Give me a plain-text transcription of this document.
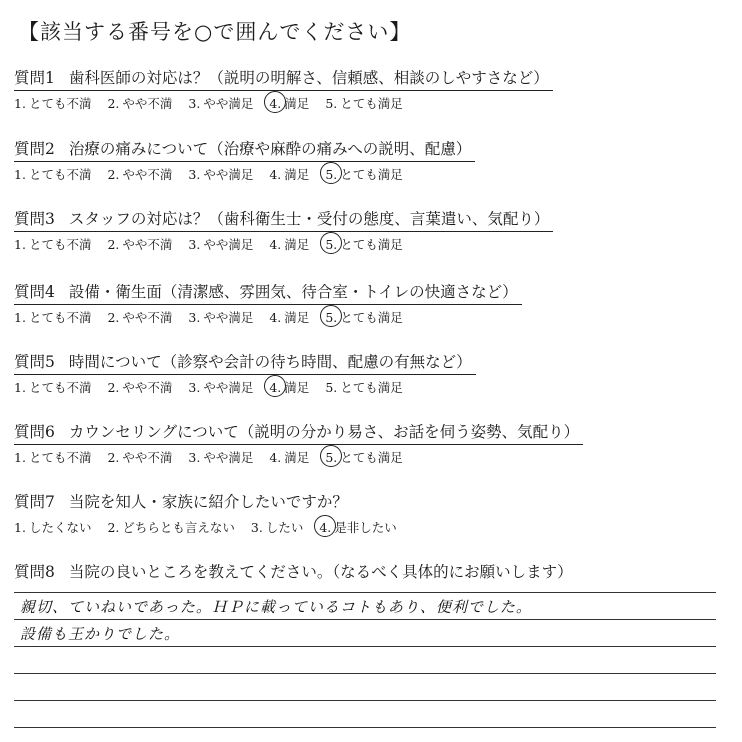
【該当する番号を○で囲んでください】
質問1 歯科医師の対応は？（説明の明解さ、信頼感、相談のしやすさなど）
1. とても不満 2. やや不満 3. やや満足 4. 満足 5. とても満足
質問2 治療の痛みについて（治療や麻酔の痛みへの説明、配慮）
1. とても不満 2. やや不満 3. やや満足 4. 満足 5. とても満足
質問3 スタッフの対応は？（歯科衛生士・受付の態度、言葉遣い、気配り）
1. とても不満 2. やや不満 3. やや満足 4. 満足 5. とても満足
質問4 設備・衛生面（清潔感、雰囲気、待合室・トイレの快適さなど）
1. とても不満 2. やや不満 3. やや満足 4. 満足 5. とても満足
質問5 時間について（診察や会計の待ち時間、配慮の有無など）
1. とても不満 2. やや不満 3. やや満足 4. 満足 5. とても満足
質問6 カウンセリングについて（説明の分かり易さ、お話を伺う姿勢、気配り）
1. とても不満 2. やや不満 3. やや満足 4. 満足 5. とても満足
質問7 当院を知人・家族に紹介したいですか？
1. したくない 2. どちらとも言えない 3. したい 4. 是非したい
質問8 当院の良いところを教えてください。（なるべく具体的にお願いします）
親切、ていねいであった。ＨＰに載っているコトもあり、便利でした。
設備も王かりでした。
